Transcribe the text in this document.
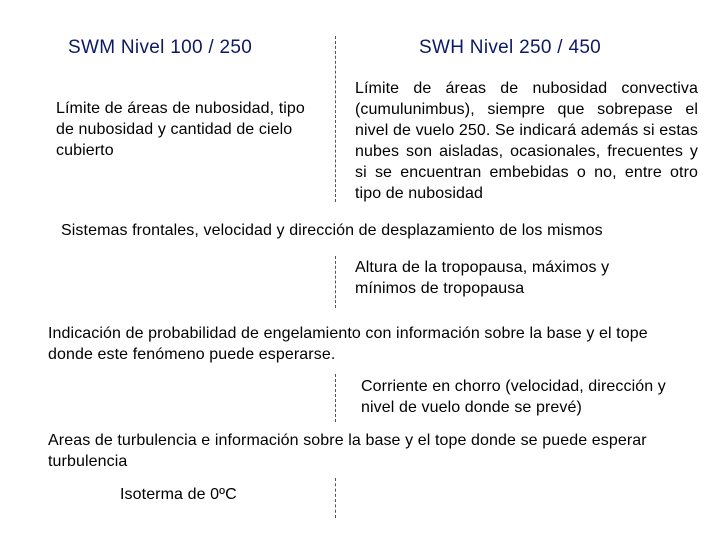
SWM Nivel 100 / 250	SWH Nivel 250 / 450
Límite de áreas de nubosidad, tipo de nubosidad y cantidad de cielo cubierto
Límite de áreas de nubosidad convectiva (cumulunimbus), siempre que sobrepase el nivel de vuelo 250. Se indicará además si estas nubes son aisladas, ocasionales, frecuentes y si se encuentran embebidas o no, entre otro tipo de nubosidad
Sistemas frontales, velocidad y dirección de desplazamiento de los mismos
Altura de la tropopausa, máximos y mínimos de tropopausa
Indicación de probabilidad de engelamiento con información sobre la base y el tope donde este fenómeno puede esperarse.
Corriente en chorro (velocidad, dirección y nivel de vuelo donde se prevé)
Areas de turbulencia e información sobre la base y el tope donde se puede esperar turbulencia
Isoterma de 0ºC
